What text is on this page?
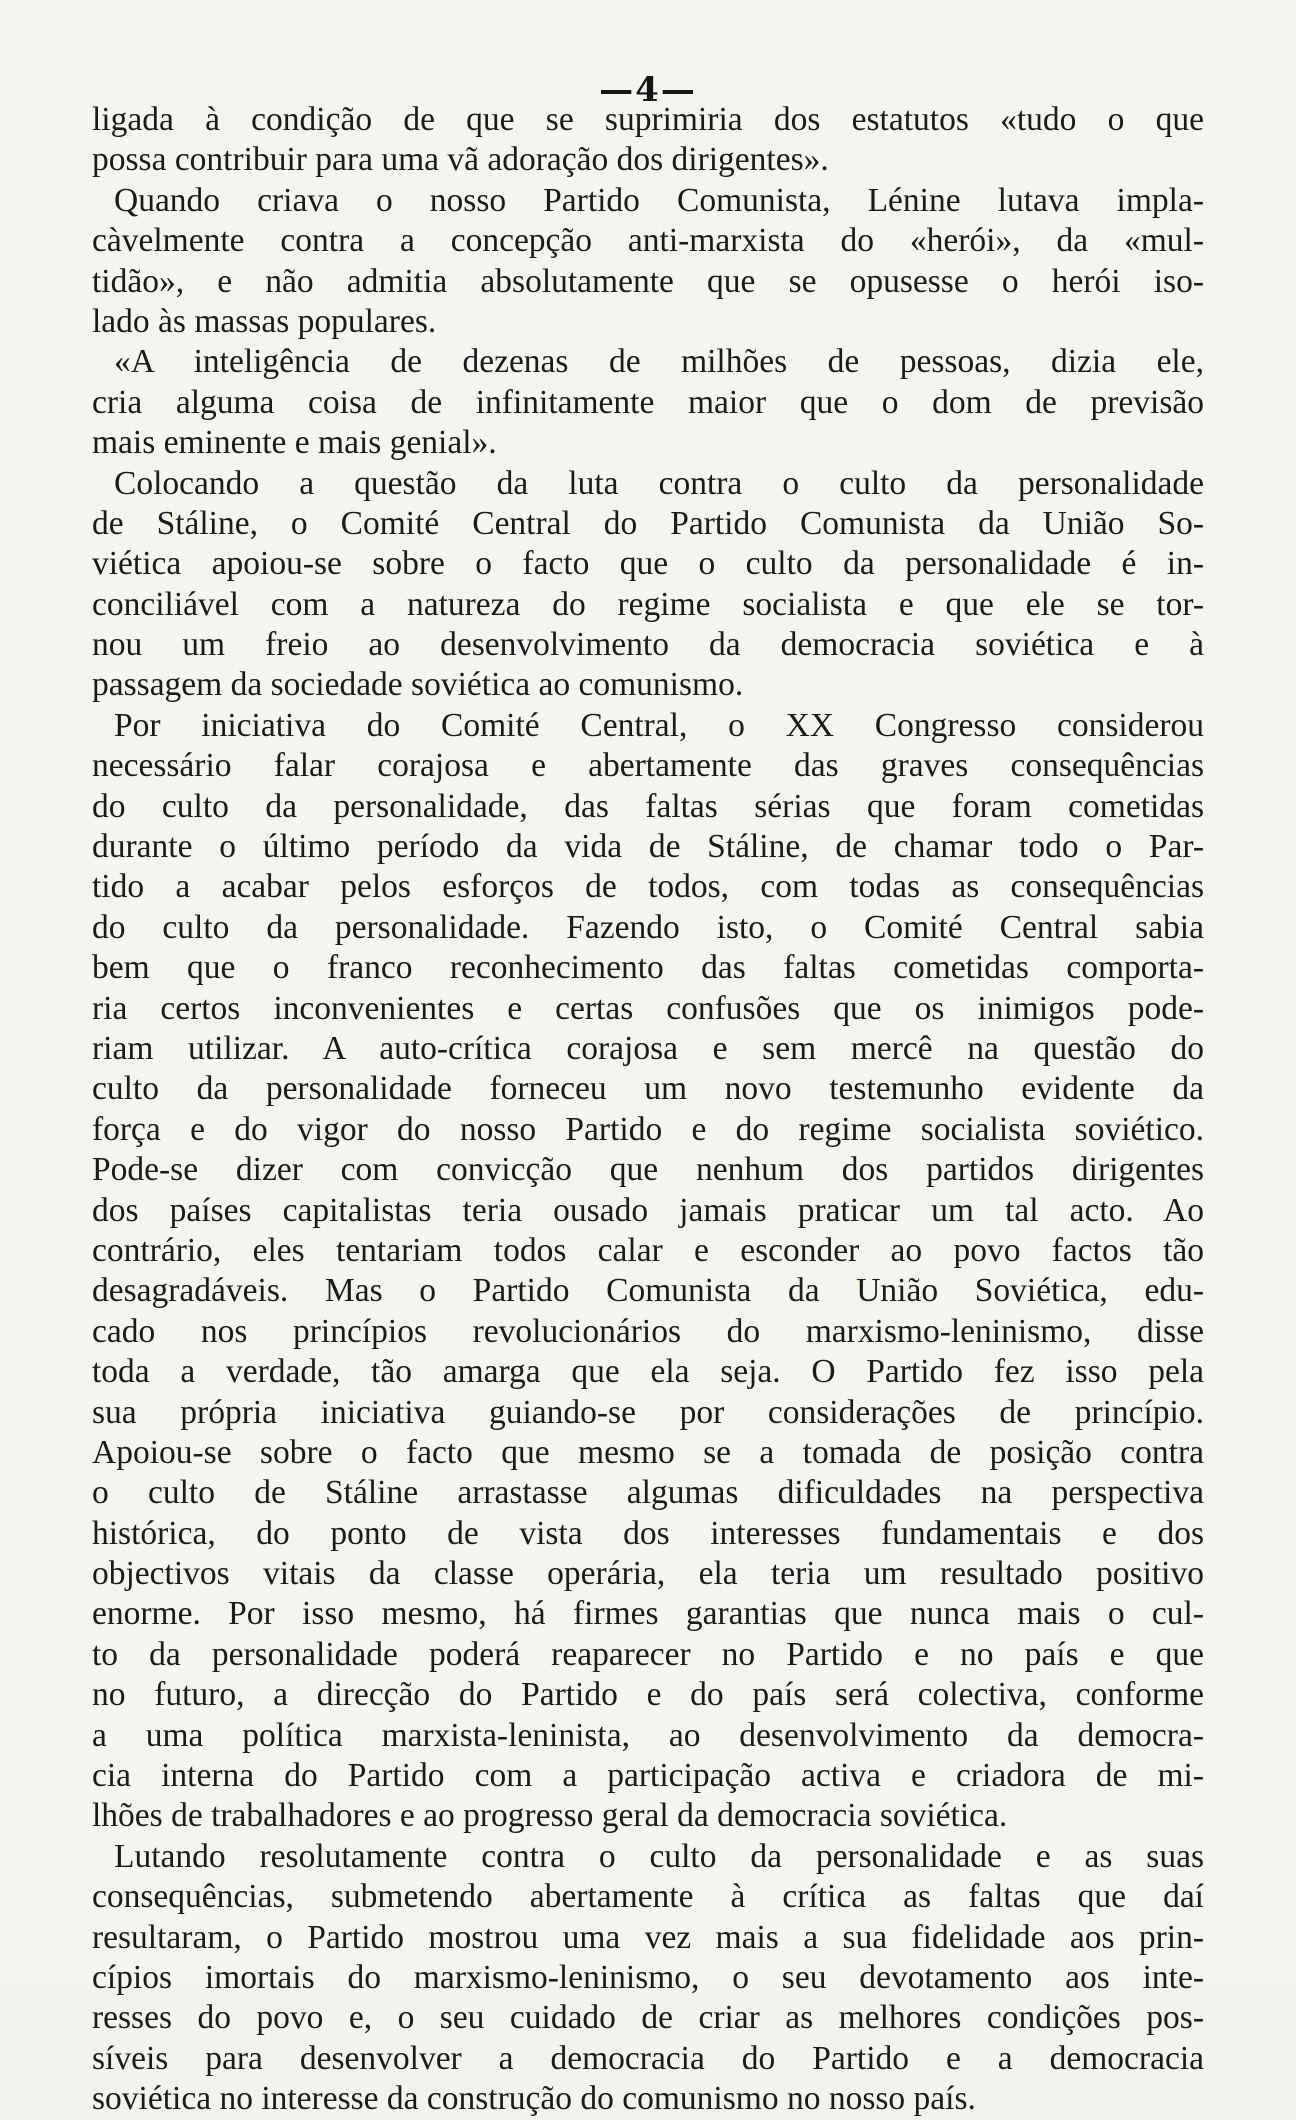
—4—
ligada à condição de que se suprimiria dos estatutos «tudo o que
possa contribuir para uma vã adoração dos dirigentes».
Quando criava o nosso Partido Comunista, Lénine lutava impla-
càvelmente contra a concepção anti-marxista do «herói», da «mul-
tidão», e não admitia absolutamente que se opusesse o herói iso-
lado às massas populares.
«A inteligência de dezenas de milhões de pessoas, dizia ele,
cria alguma coisa de infinitamente maior que o dom de previsão
mais eminente e mais genial».
Colocando a questão da luta contra o culto da personalidade
de Stáline, o Comité Central do Partido Comunista da União So-
viética apoiou-se sobre o facto que o culto da personalidade é in-
conciliável com a natureza do regime socialista e que ele se tor-
nou um freio ao desenvolvimento da democracia soviética e à
passagem da sociedade soviética ao comunismo.
Por iniciativa do Comité Central, o XX Congresso considerou
necessário falar corajosa e abertamente das graves consequências
do culto da personalidade, das faltas sérias que foram cometidas
durante o último período da vida de Stáline, de chamar todo o Par-
tido a acabar pelos esforços de todos, com todas as consequências
do culto da personalidade. Fazendo isto, o Comité Central sabia
bem que o franco reconhecimento das faltas cometidas comporta-
ria certos inconvenientes e certas confusões que os inimigos pode-
riam utilizar. A auto-crítica corajosa e sem mercê na questão do
culto da personalidade forneceu um novo testemunho evidente da
força e do vigor do nosso Partido e do regime socialista soviético.
Pode-se dizer com convicção que nenhum dos partidos dirigentes
dos países capitalistas teria ousado jamais praticar um tal acto. Ao
contrário, eles tentariam todos calar e esconder ao povo factos tão
desagradáveis. Mas o Partido Comunista da União Soviética, edu-
cado nos princípios revolucionários do marxismo-leninismo, disse
toda a verdade, tão amarga que ela seja. O Partido fez isso pela
sua própria iniciativa guiando-se por considerações de princípio.
Apoiou-se sobre o facto que mesmo se a tomada de posição contra
o culto de Stáline arrastasse algumas dificuldades na perspectiva
histórica, do ponto de vista dos interesses fundamentais e dos
objectivos vitais da classe operária, ela teria um resultado positivo
enorme. Por isso mesmo, há firmes garantias que nunca mais o cul-
to da personalidade poderá reaparecer no Partido e no país e que
no futuro, a direcção do Partido e do país será colectiva, conforme
a uma política marxista-leninista, ao desenvolvimento da democra-
cia interna do Partido com a participação activa e criadora de mi-
lhões de trabalhadores e ao progresso geral da democracia soviética.
Lutando resolutamente contra o culto da personalidade e as suas
consequências, submetendo abertamente à crítica as faltas que daí
resultaram, o Partido mostrou uma vez mais a sua fidelidade aos prin-
cípios imortais do marxismo-leninismo, o seu devotamento aos inte-
resses do povo e, o seu cuidado de criar as melhores condições pos-
síveis para desenvolver a democracia do Partido e a democracia
soviética no interesse da construção do comunismo no nosso país.
